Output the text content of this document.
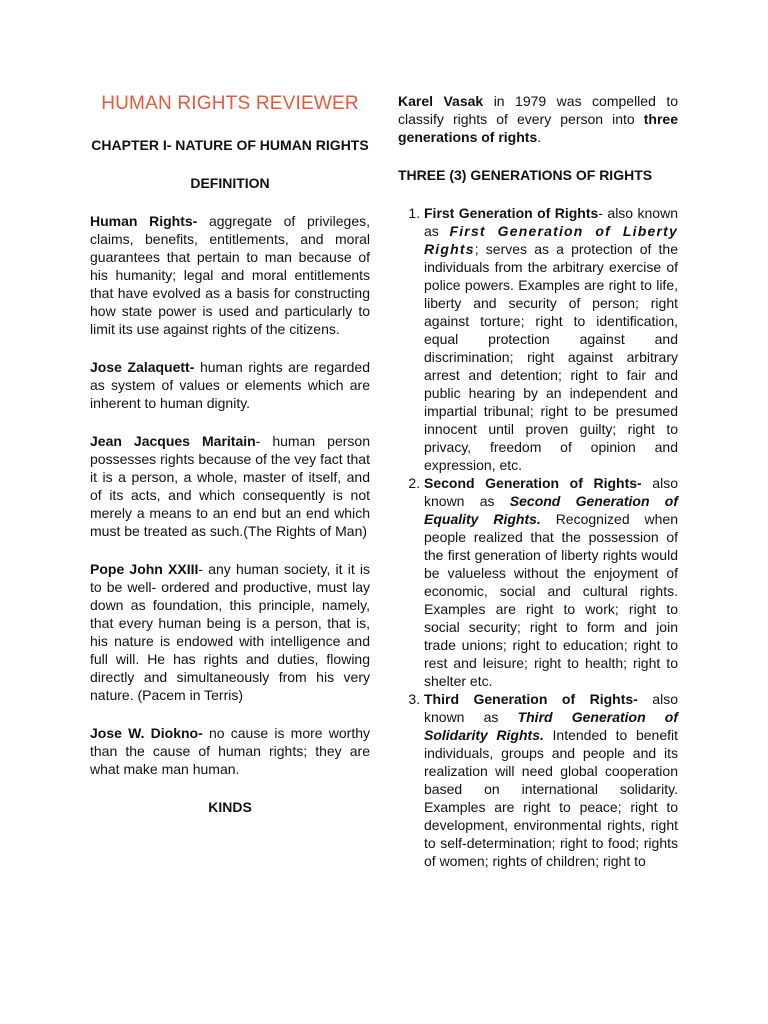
HUMAN RIGHTS REVIEWER
CHAPTER I- NATURE OF HUMAN RIGHTS
DEFINITION

Human Rights- aggregate of privileges, claims, benefits, entitlements, and moral guarantees that pertain to man because of his humanity; legal and moral entitlements that have evolved as a basis for constructing how state power is used and particularly to limit its use against rights of the citizens.

Jose Zalaquett- human rights are regarded as system of values or elements which are inherent to human dignity.

Jean Jacques Maritain- human person possesses rights because of the vey fact that it is a person, a whole, master of itself, and of its acts, and which consequently is not merely a means to an end but an end which must be treated as such.(The Rights of Man)

Pope John XXIII- any human society, it it is to be well- ordered and productive, must lay down as foundation, this principle, namely, that every human being is a person, that is, his nature is endowed with intelligence and full will. He has rights and duties, flowing directly and simultaneously from his very nature. (Pacem in Terris)

Jose W. Diokno- no cause is more worthy than the cause of human rights; they are what make man human.

KINDS

Karel Vasak in 1979 was compelled to classify rights of every person into three generations of rights.

THREE (3) GENERATIONS OF RIGHTS
1. First Generation of Rights- also known as First Generation of Liberty Rights; serves as a protection of the individuals from the arbitrary exercise of police powers. Examples are right to life, liberty and security of person; right against torture; right to identification, equal protection against and discrimination; right against arbitrary arrest and detention; right to fair and public hearing by an independent and impartial tribunal; right to be presumed innocent until proven guilty; right to privacy, freedom of opinion and expression, etc.
2. Second Generation of Rights- also known as Second Generation of Equality Rights. Recognized when people realized that the possession of the first generation of liberty rights would be valueless without the enjoyment of economic, social and cultural rights. Examples are right to work; right to social security; right to form and join trade unions; right to education; right to rest and leisure; right to health; right to shelter etc.
3. Third Generation of Rights- also known as Third Generation of Solidarity Rights. Intended to benefit individuals, groups and people and its realization will need global cooperation based on international solidarity. Examples are right to peace; right to development, environmental rights, right to self-determination; right to food; rights of women; rights of children; right to
